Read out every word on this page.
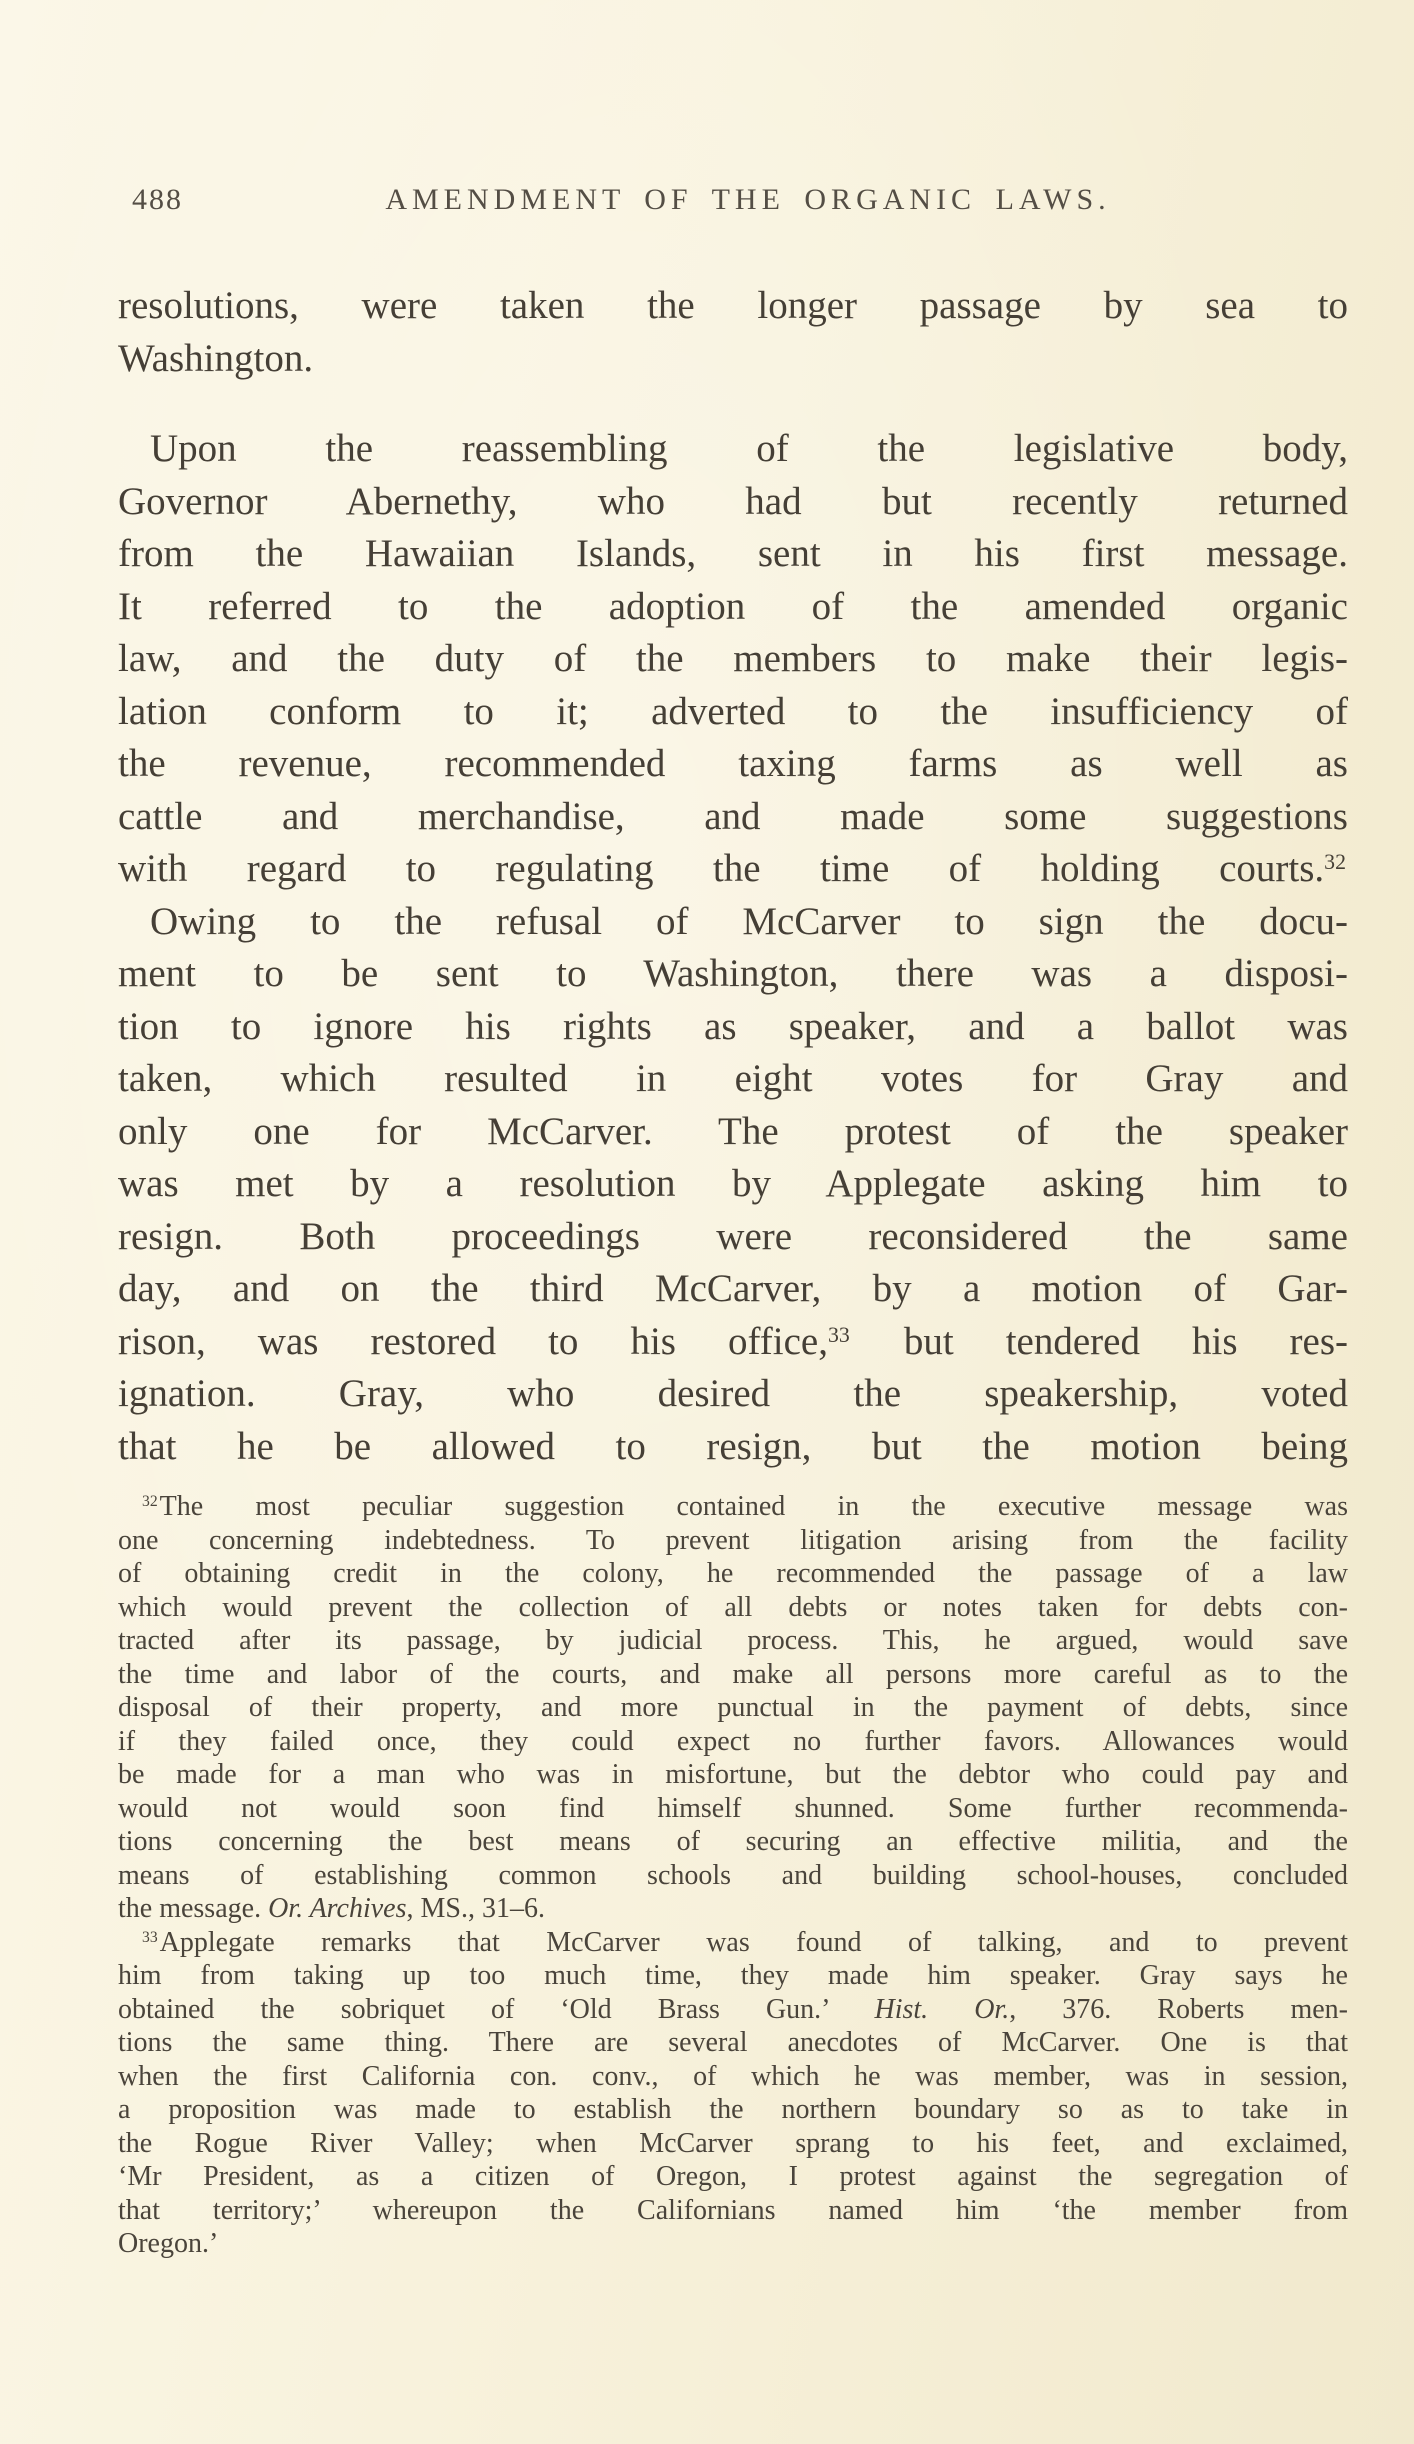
488	AMENDMENT OF THE ORGANIC LAWS.
resolutions, were taken the longer passage by sea to
Washington.
Upon the reassembling of the legislative body,
Governor Abernethy, who had but recently returned
from the Hawaiian Islands, sent in his first message.
It referred to the adoption of the amended organic
law, and the duty of the members to make their legis-
lation conform to it; adverted to the insufficiency of
the revenue, recommended taxing farms as well as
cattle and merchandise, and made some suggestions
with regard to regulating the time of holding courts.$^{32}$
Owing to the refusal of McCarver to sign the docu-
ment to be sent to Washington, there was a disposi-
tion to ignore his rights as speaker, and a ballot was
taken, which resulted in eight votes for Gray and
only one for McCarver. The protest of the speaker
was met by a resolution by Applegate asking him to
resign. Both proceedings were reconsidered the same
day, and on the third McCarver, by a motion of Gar-
rison, was restored to his office,$^{33}$ but tendered his res-
ignation. Gray, who desired the speakership, voted
that he be allowed to resign, but the motion being
$^{32}$The most peculiar suggestion contained in the executive message was
one concerning indebtedness. To prevent litigation arising from the facility
of obtaining credit in the colony, he recommended the passage of a law
which would prevent the collection of all debts or notes taken for debts con-
tracted after its passage, by judicial process. This, he argued, would save
the time and labor of the courts, and make all persons more careful as to the
disposal of their property, and more punctual in the payment of debts, since
if they failed once, they could expect no further favors. Allowances would
be made for a man who was in misfortune, but the debtor who could pay and
would not would soon find himself shunned. Some further recommenda-
tions concerning the best means of securing an effective militia, and the
means of establishing common schools and building school-houses, concluded
the message. Or. Archives, MS., 31–6.
$^{33}$Applegate remarks that McCarver was found of talking, and to prevent
him from taking up too much time, they made him speaker. Gray says he
obtained the sobriquet of ‘Old Brass Gun.’ Hist. Or., 376. Roberts men-
tions the same thing. There are several anecdotes of McCarver. One is that
when the first California con. conv., of which he was member, was in session,
a proposition was made to establish the northern boundary so as to take in
the Rogue River Valley; when McCarver sprang to his feet, and exclaimed,
‘Mr President, as a citizen of Oregon, I protest against the segregation of
that territory;’ whereupon the Californians named him ‘the member from
Oregon.’
